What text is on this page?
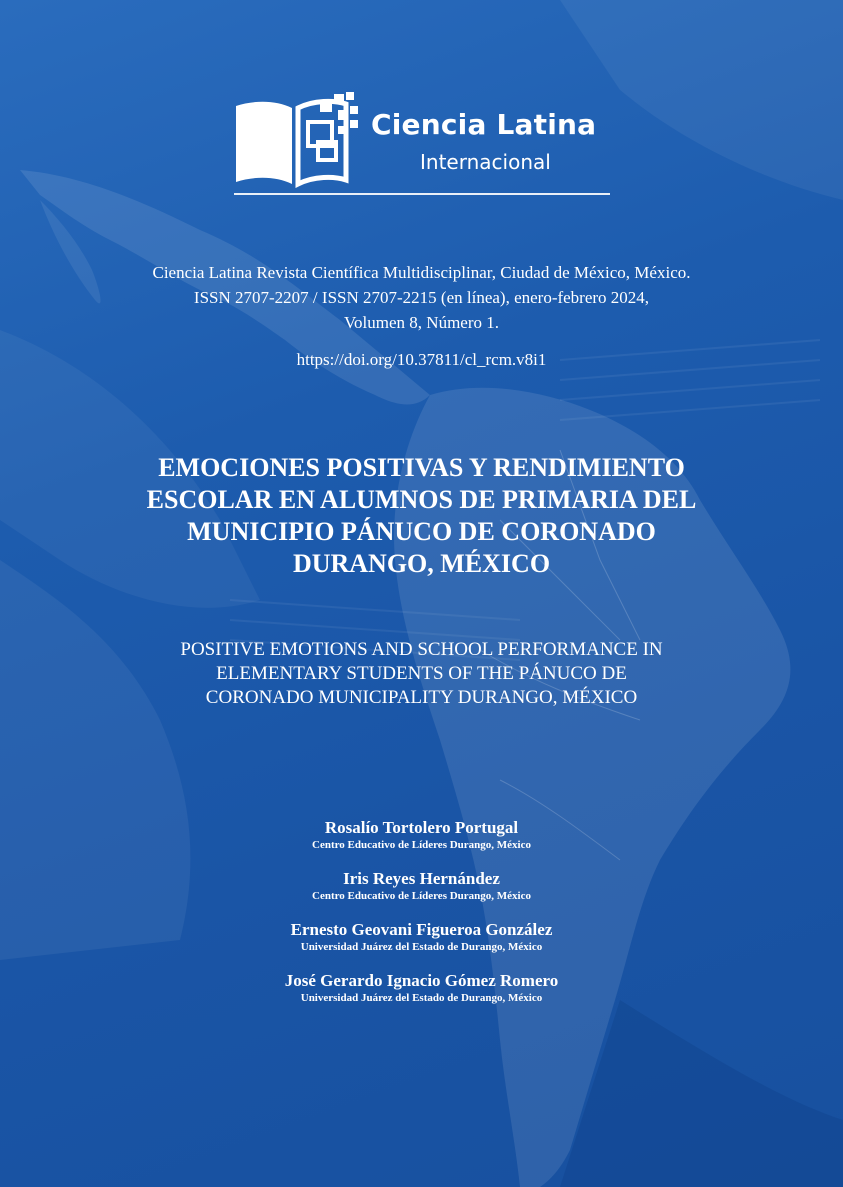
Ciencia Latina
Internacional
Ciencia Latina Revista Científica Multidisciplinar, Ciudad de México, México.
ISSN 2707-2207 / ISSN 2707-2215 (en línea), enero-febrero 2024,
Volumen 8, Número 1.
https://doi.org/10.37811/cl_rcm.v8i1
EMOCIONES POSITIVAS Y RENDIMIENTO
ESCOLAR EN ALUMNOS DE PRIMARIA DEL
MUNICIPIO PÁNUCO DE CORONADO
DURANGO, MÉXICO
POSITIVE EMOTIONS AND SCHOOL PERFORMANCE IN
ELEMENTARY STUDENTS OF THE PÁNUCO DE
CORONADO MUNICIPALITY DURANGO, MÉXICO
Rosalío Tortolero Portugal
Centro Educativo de Líderes Durango, México
Iris Reyes Hernández
Centro Educativo de Líderes Durango, México
Ernesto Geovani Figueroa González
Universidad Juárez del Estado de Durango, México
José Gerardo Ignacio Gómez Romero
Universidad Juárez del Estado de Durango, México
